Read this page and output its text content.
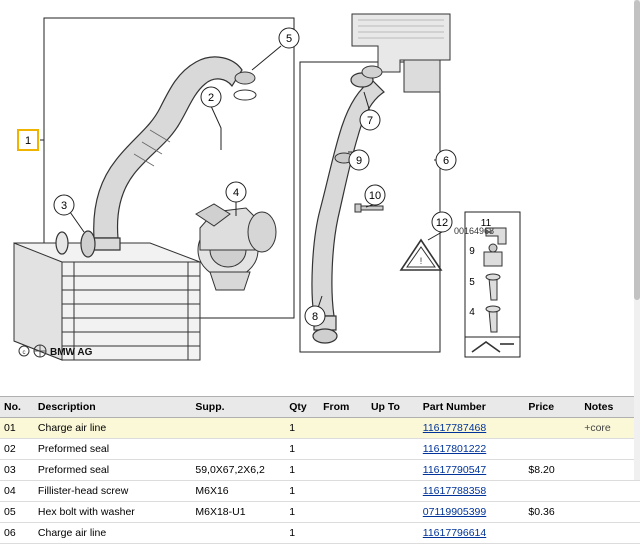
!
1
2
3
4
5
6
7
8
9
10
12	11
9
5
4
c BMW AG
00164968
No.	Description	Supp.	Qty	From	Up To	Part Number	Price	Notes
01	Charge air line		1			11617787468		+core
02	Preformed seal		1			11617801222		
03	Preformed seal	59,0X67,2X6,2	1			11617790547	$8.20	
04	Fillister-head screw	M6X16	1			11617788358		
05	Hex bolt with washer	M6X18-U1	1			07119905399	$0.36	
06	Charge air line		1			11617796614		
